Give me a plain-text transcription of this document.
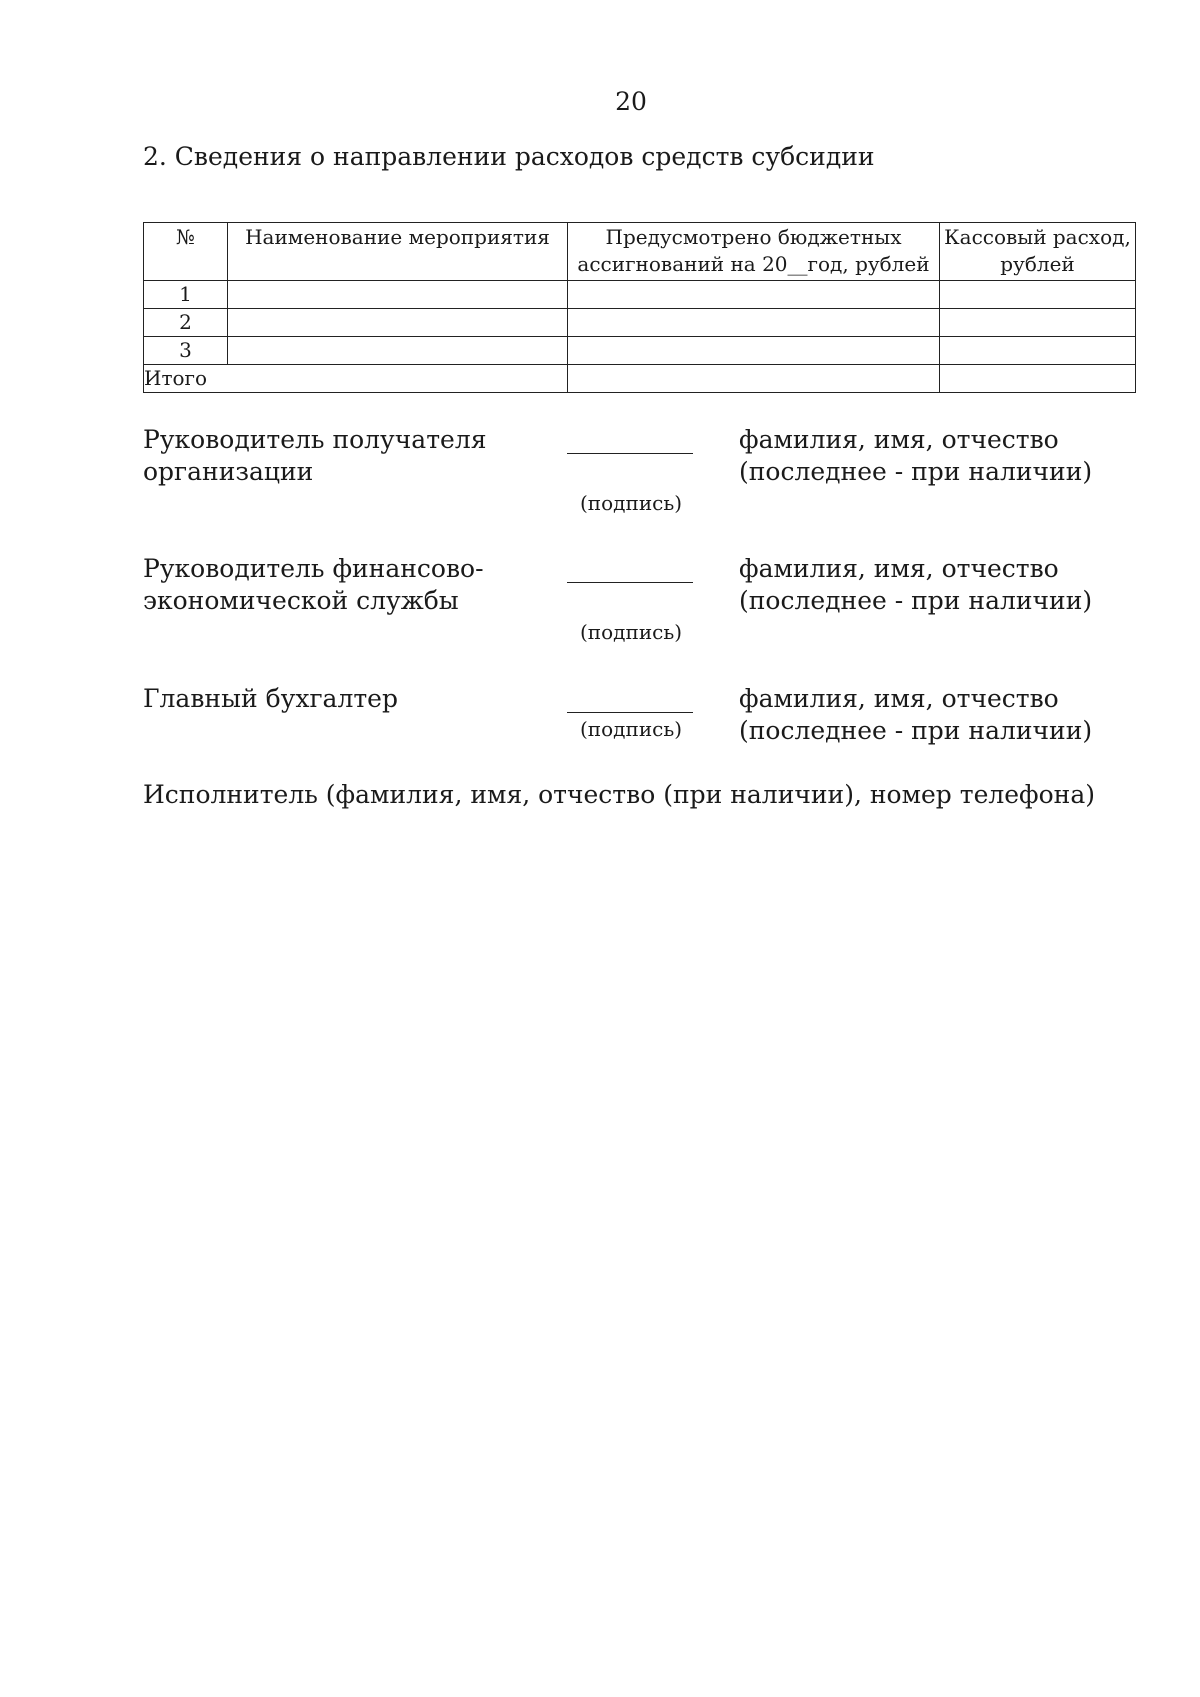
20
2. Сведения о направлении расходов средств субсидии
№	Наименование мероприятия	Предусмотрено бюджетных ассигнований на 20__год, рублей	Кассовый расход, рублей
1			
2			
3			
Итого			
Руководитель получателя
организации
(подпись)
фамилия, имя, отчество
(последнее - при наличии)
Руководитель финансово-
экономической службы
(подпись)
фамилия, имя, отчество
(последнее - при наличии)
Главный бухгалтер
(подпись)
фамилия, имя, отчество
(последнее - при наличии)
Исполнитель (фамилия, имя, отчество (при наличии), номер телефона)
